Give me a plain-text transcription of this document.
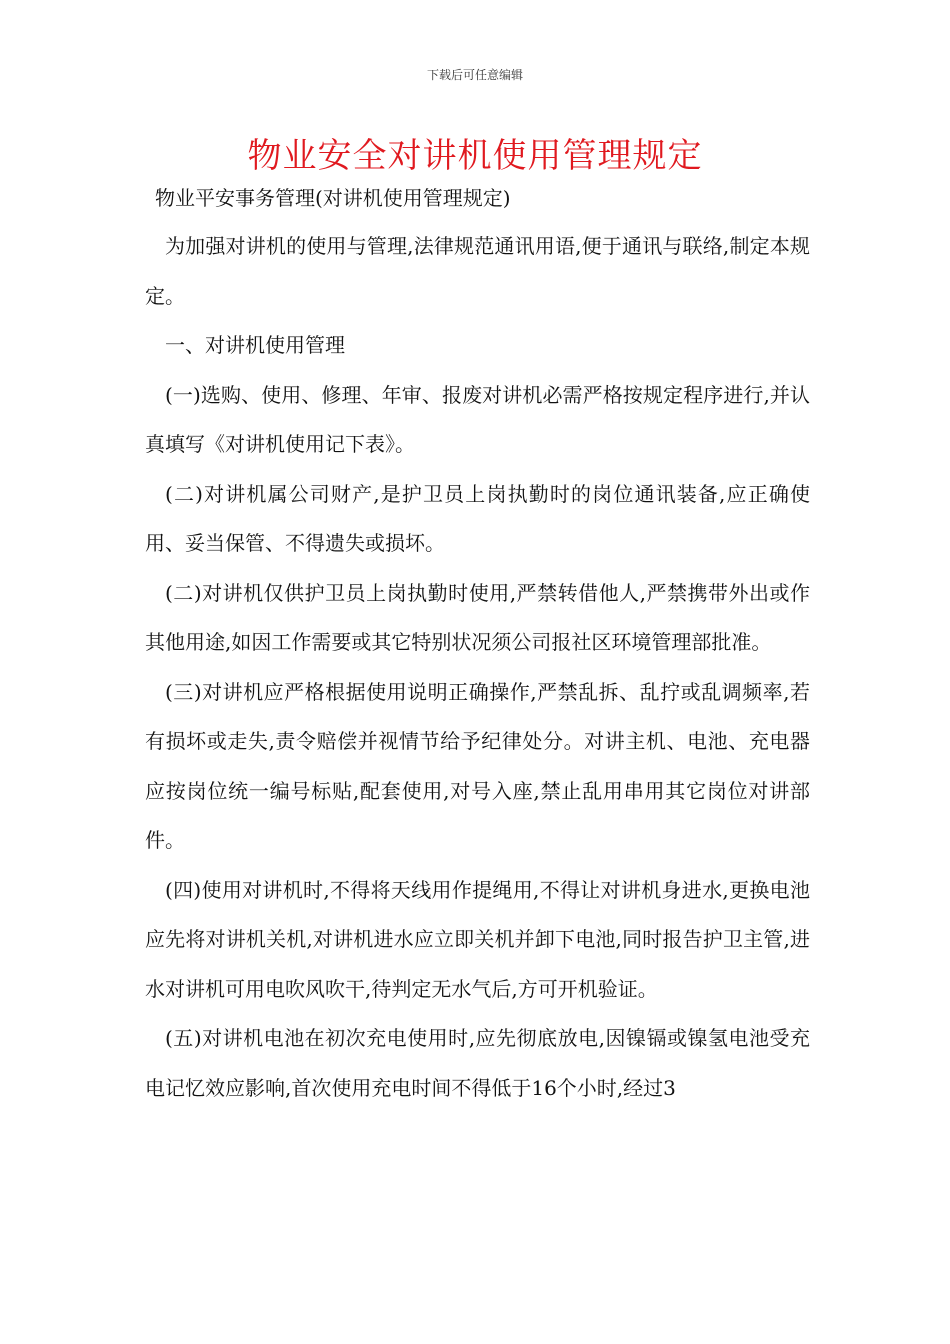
下载后可任意编辑
物业安全对讲机使用管理规定

物业平安事务管理(对讲机使用管理规定)

为加强对讲机的使用与管理,法律规范通讯用语,便于通讯与联络,制定本规定。

一、对讲机使用管理

(一)选购、使用、修理、年审、报废对讲机必需严格按规定程序进行,并认真填写《对讲机使用记下表》。

(二)对讲机属公司财产,是护卫员上岗执勤时的岗位通讯装备,应正确使用、妥当保管、不得遗失或损坏。

(二)对讲机仅供护卫员上岗执勤时使用,严禁转借他人,严禁携带外出或作其他用途,如因工作需要或其它特别状况须公司报社区环境管理部批准。

(三)对讲机应严格根据使用说明正确操作,严禁乱拆、乱拧或乱调频率,若有损坏或走失,责令赔偿并视情节给予纪律处分。对讲主机、电池、充电器应按岗位统一编号标贴,配套使用,对号入座,禁止乱用串用其它岗位对讲部件。

(四)使用对讲机时,不得将天线用作提绳用,不得让对讲机身进水,更换电池应先将对讲机关机,对讲机进水应立即关机并卸下电池,同时报告护卫主管,进水对讲机可用电吹风吹干,待判定无水气后,方可开机验证。

(五)对讲机电池在初次充电使用时,应先彻底放电,因镍镉或镍氢电池受充电记忆效应影响,首次使用充电时间不得低于16个小时,经过3
